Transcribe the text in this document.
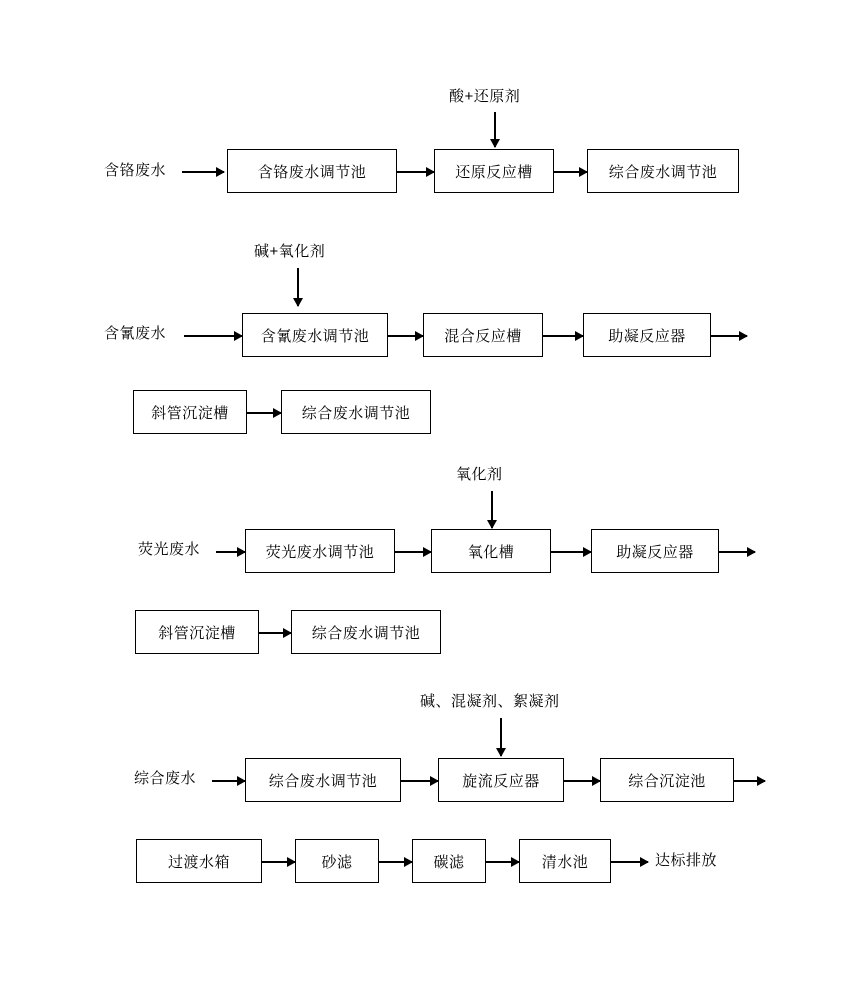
酸+还原剂
含铬废水	含铬废水调节池	还原反应槽	综合废水调节池
碱+氧化剂
含氰废水	含氰废水调节池	混合反应槽	助凝反应器
斜管沉淀槽	综合废水调节池
氧化剂
荧光废水	荧光废水调节池	氧化槽	助凝反应器
斜管沉淀槽	综合废水调节池
碱、混凝剂、絮凝剂
综合废水	综合废水调节池	旋流反应器	综合沉淀池
过渡水箱	砂滤	碳滤	清水池	达标排放
